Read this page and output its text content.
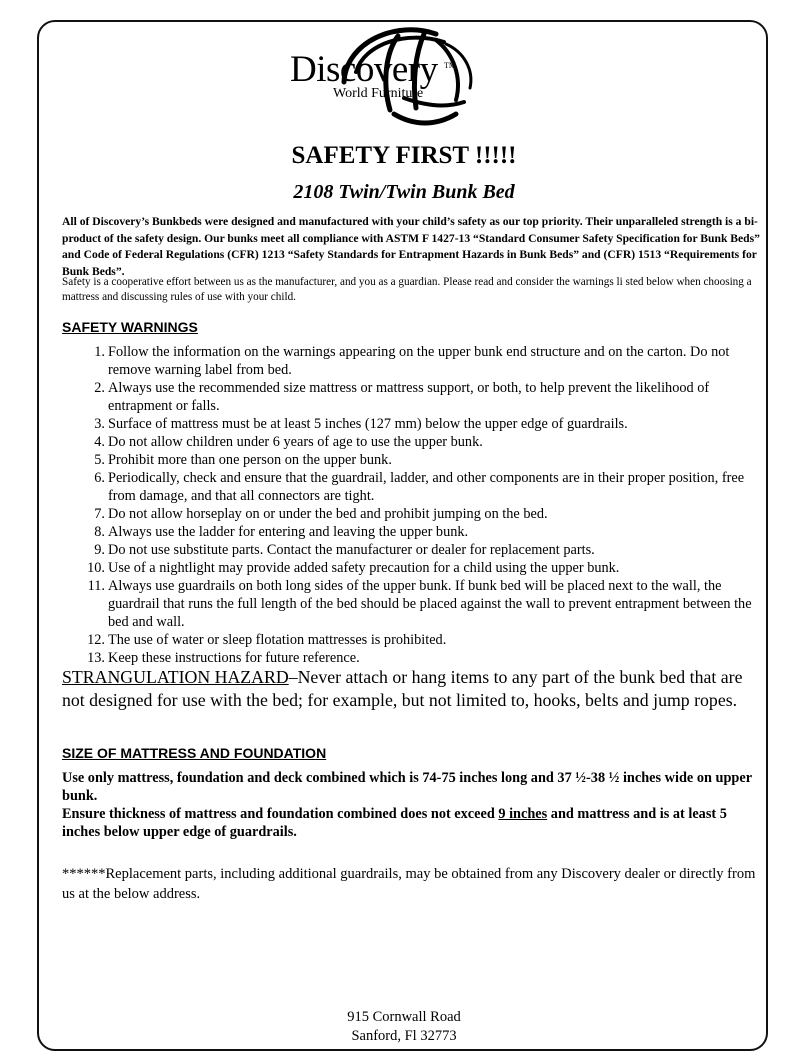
Discovery TM
World Furniture
SAFETY FIRST !!!!!
2108 Twin/Twin Bunk Bed
All of Discovery’s Bunkbeds were designed and manufactured with your child’s safety as our top priority. Their unparalleled strength is a bi-product of the safety design. Our bunks meet all compliance with ASTM F 1427-13 “Standard Consumer Safety Specification for Bunk Beds” and Code of Federal Regulations (CFR) 1213 “Safety Standards for Entrapment Hazards in Bunk Beds” and (CFR) 1513 “Requirements for Bunk Beds”.
Safety is a cooperative effort between us as the manufacturer, and you as a guardian. Please read and consider the warnings li sted below when choosing a mattress and discussing rules of use with your child.
SAFETY WARNINGS
1. Follow the information on the warnings appearing on the upper bunk end structure and on the carton. Do not remove warning label from bed.
2. Always use the recommended size mattress or mattress support, or both, to help prevent the likelihood of entrapment or falls.
3. Surface of mattress must be at least 5 inches (127 mm) below the upper edge of guardrails.
4. Do not allow children under 6 years of age to use the upper bunk.
5. Prohibit more than one person on the upper bunk.
6. Periodically, check and ensure that the guardrail, ladder, and other components are in their proper position, free from damage, and that all connectors are tight.
7. Do not allow horseplay on or under the bed and prohibit jumping on the bed.
8. Always use the ladder for entering and leaving the upper bunk.
9. Do not use substitute parts. Contact the manufacturer or dealer for replacement parts.
10. Use of a nightlight may provide added safety precaution for a child using the upper bunk.
11. Always use guardrails on both long sides of the upper bunk. If bunk bed will be placed next to the wall, the guardrail that runs the full length of the bed should be placed against the wall to prevent entrapment between the bed and wall.
12. The use of water or sleep flotation mattresses is prohibited.
13. Keep these instructions for future reference.
STRANGULATION HAZARD–Never attach or hang items to any part of the bunk bed that are not designed for use with the bed; for example, but not limited to, hooks, belts and jump ropes.
SIZE OF MATTRESS AND FOUNDATION
Use only mattress, foundation and deck combined which is 74-75 inches long and 37 ½-38 ½ inches wide on upper bunk.
Ensure thickness of mattress and foundation combined does not exceed 9 inches and mattress and is at least 5 inches below upper edge of guardrails.
******Replacement parts, including additional guardrails, may be obtained from any Discovery dealer or directly from us at the below address.
915 Cornwall Road
Sanford, Fl 32773
